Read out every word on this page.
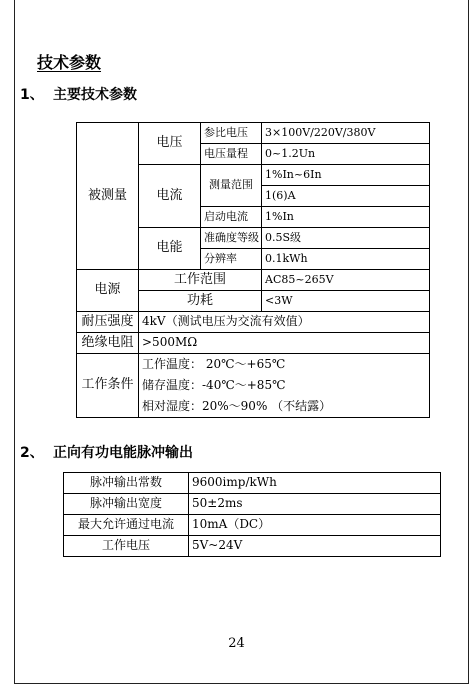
技术参数
1、 主要技术参数
被测量	电压	参比电压	3×100V/220V/380V
		电压量程	0~1.2Un
	电流	测量范围	1%In~6In
			1(6)A
		启动电流	1%In
	电能	准确度等级	0.5S级
		分辨率	0.1kWh
电源	工作范围		AC85~265V
	功耗		<3W
耐压强度	4kV（测试电压为交流有效值）		
绝缘电阻	>500MΩ		
工作条件	工作温度： 20℃～+65℃
储存温度：-40℃～+85℃
相对湿度：20%～90% （不结露）		
2、 正向有功电能脉冲输出
脉冲输出常数	9600imp/kWh
脉冲输出宽度	50±2ms
最大允许通过电流	10mA（DC）
工作电压	5V~24V
24
